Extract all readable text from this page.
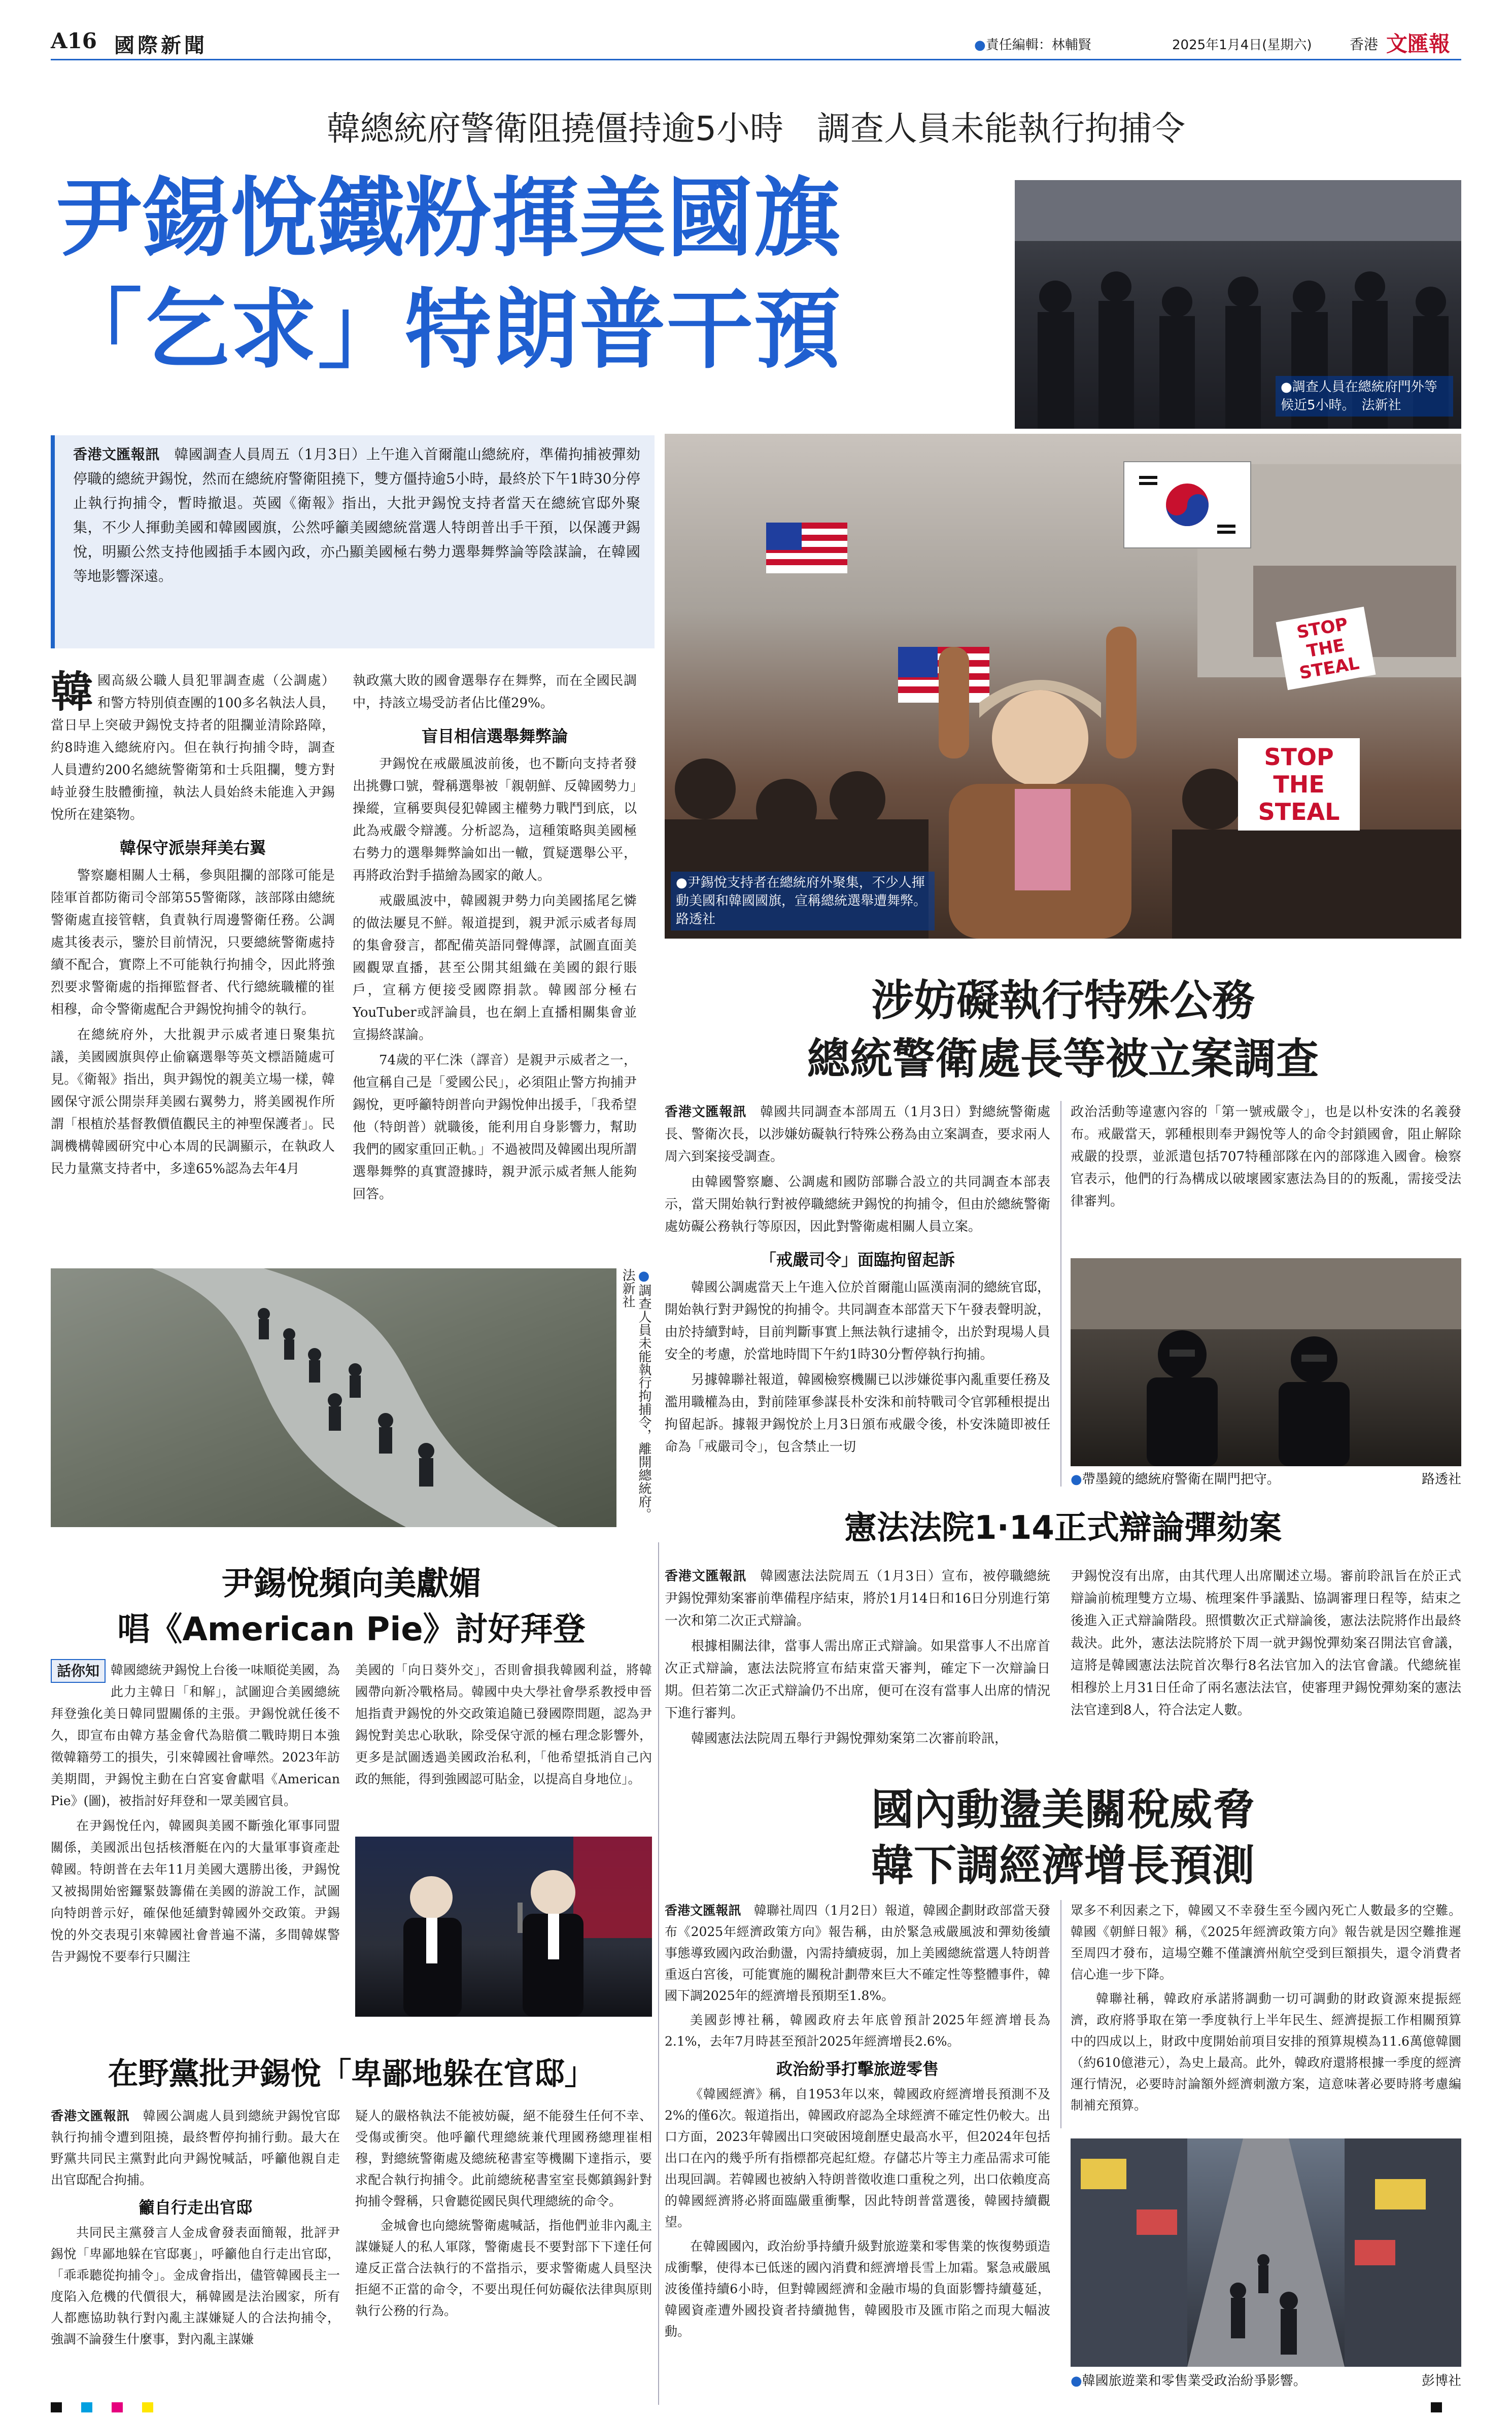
A16 國際新聞	●責任編輯：林輔賢	2025年1月4日(星期六)	香港 文匯報
韓總統府警衛阻撓僵持逾5小時　調查人員未能執行拘捕令
尹錫悅鐵粉揮美國旗
「乞求」特朗普干預
●調查人員在總統府門外等候近5小時。　法新社
STOP THE STEAL
STOP THE STEAL
●尹錫悅支持者在總統府外聚集，不少人揮動美國和韓國國旗，宣稱總統選舉遭舞弊。　路透社

香港文匯報訊　 韓國調查人員周五（1月3日）上午進入首爾龍山總統府，準備拘捕被彈劾停職的總統尹錫悅，然而在總統府警衛阻撓下，雙方僵持逾5小時，最終於下午1時30分停止執行拘捕令，暫時撤退。英國《衛報》指出，大批尹錫悅支持者當天在總統官邸外聚集，不少人揮動美國和韓國國旗，公然呼籲美國總統當選人特朗普出手干預，以保護尹錫悅，明顯公然支持他國插手本國內政，亦凸顯美國極右勢力選舉舞弊論等陰謀論，在韓國等地影響深遠。

韓國高級公職人員犯罪調查處（公調處）和警方特別偵查團的100多名執法人員，當日早上突破尹錫悅支持者的阻攔並清除路障，約8時進入總統府內。但在執行拘捕令時，調查人員遭約200名總統警衛第和士兵阻攔，雙方對峙並發生肢體衝撞，執法人員始終未能進入尹錫悅所在建築物。

韓保守派崇拜美右翼

警察廳相關人士稱，參與阻攔的部隊可能是陸軍首都防衛司令部第55警衛隊，該部隊由總統警衛處直接管轄，負責執行周邊警衛任務。公調處其後表示，鑒於目前情況，只要總統警衛處持續不配合，實際上不可能執行拘捕令，因此將強烈要求警衛處的指揮監督者、代行總統職權的崔相穆，命令警衛處配合尹錫悅拘捕令的執行。

在總統府外，大批親尹示威者連日聚集抗議，美國國旗與停止偷竊選舉等英文標語隨處可見。《衛報》指出，與尹錫悅的親美立場一樣，韓國保守派公開崇拜美國右翼勢力，將美國視作所謂「根植於基督教價值觀民主的神聖保護者」。民調機構韓國研究中心本周的民調顯示，在執政人民力量黨支持者中，多達65%認為去年4月

執政黨大敗的國會選舉存在舞弊，而在全國民調中，持該立場受訪者佔比僅29%。

盲目相信選舉舞弊論

尹錫悅在戒嚴風波前後，也不斷向支持者發出挑釁口號，聲稱選舉被「親朝鮮、反韓國勢力」操縱，宣稱要與侵犯韓國主權勢力戰鬥到底，以此為戒嚴令辯護。分析認為，這種策略與美國極右勢力的選舉舞弊論如出一轍，質疑選舉公平，再將政治對手描繪為國家的敵人。

戒嚴風波中，韓國親尹勢力向美國搖尾乞憐的做法屢見不鮮。報道提到，親尹派示威者每周的集會發言，都配備英語同聲傳譯，試圖直面美國觀眾直播，甚至公開其組織在美國的銀行賬戶，宣稱方便接受國際捐款。韓國部分極右YouTuber或評論員，也在網上直播相關集會並宣揚終謀論。

74歲的平仁洙（譯音）是親尹示威者之一，他宣稱自己是「愛國公民」，必須阻止警方拘捕尹錫悅，更呼籲特朗普向尹錫悅伸出援手，「我希望他（特朗普）就職後，能利用自身影響力，幫助我們的國家重回正軌。」不過被問及韓國出現所謂選舉舞弊的真實證據時，親尹派示威者無人能夠回答。

●調查人員未能執行拘捕令，離開總統府。　法新社
涉妨礙執行特殊公務
總統警衛處長等被立案調查

香港文匯報訊　 韓國共同調查本部周五（1月3日）對總統警衛處長、警衛次長，以涉嫌妨礙執行特殊公務為由立案調查，要求兩人周六到案接受調查。

由韓國警察廳、公調處和國防部聯合設立的共同調查本部表示，當天開始執行對被停職總統尹錫悅的拘捕令，但由於總統警衛處妨礙公務執行等原因，因此對警衛處相關人員立案。

「戒嚴司令」面臨拘留起訴

韓國公調處當天上午進入位於首爾龍山區漢南洞的總統官邸，開始執行對尹錫悅的拘捕令。共同調查本部當天下午發表聲明說，由於持續對峙，目前判斷事實上無法執行逮捕令，出於對現場人員安全的考慮，於當地時間下午約1時30分暫停執行拘捕。

另據韓聯社報道，韓國檢察機關已以涉嫌從事內亂重要任務及濫用職權為由，對前陸軍參謀長朴安洙和前特戰司令官郭種根提出拘留起訴。據報尹錫悅於上月3日頒布戒嚴令後，朴安洙隨即被任命為「戒嚴司令」，包含禁止一切

政治活動等違憲內容的「第一號戒嚴令」，也是以朴安洙的名義發布。戒嚴當天，郭種根則奉尹錫悅等人的命令封鎖國會，阻止解除戒嚴的投票，並派遣包括707特種部隊在內的部隊進入國會。檢察官表示，他們的行為構成以破壞國家憲法為目的的叛亂，需接受法律審判。

●帶墨鏡的總統府警衛在閘門把守。	路透社
憲法法院1·14正式辯論彈劾案

香港文匯報訊　 韓國憲法法院周五（1月3日）宣布，被停職總統尹錫悅彈劾案審前準備程序結束，將於1月14日和16日分別進行第一次和第二次正式辯論。

根據相關法律，當事人需出席正式辯論。如果當事人不出席首次正式辯論，憲法法院將宣布結束當天審判，確定下一次辯論日期。但若第二次正式辯論仍不出席，便可在沒有當事人出席的情況下進行審判。

韓國憲法法院周五舉行尹錫悅彈劾案第二次審前聆訊，

尹錫悅沒有出席，由其代理人出席闡述立場。審前聆訊旨在於正式辯論前梳理雙方立場、梳理案件爭議點、協調審理日程等，結束之後進入正式辯論階段。照慣數次正式辯論後，憲法法院將作出最終裁決。此外，憲法法院將於下周一就尹錫悅彈劾案召開法官會議，這將是韓國憲法法院首次舉行8名法官加入的法官會議。代總統崔相穆於上月31日任命了兩名憲法法官，使審理尹錫悅彈劾案的憲法法官達到8人，符合法定人數。

尹錫悅頻向美獻媚
唱《American Pie》討好拜登

話你知 韓國總統尹錫悅上台後一味順從美國，為此力主韓日「和解」，試圖迎合美國總統拜登強化美日韓同盟關係的主張。尹錫悅就任後不久，即宣布由韓方基金會代為賠償二戰時期日本強徵韓籍勞工的損失，引來韓國社會嘩然。2023年訪美期間，尹錫悅主動在白宮宴會獻唱《American Pie》(圖)，被指討好拜登和一眾美國官員。

在尹錫悅任內，韓國與美國不斷強化軍事同盟關係，美國派出包括核潛艇在內的大量軍事資產赴韓國。特朗普在去年11月美國大選勝出後，尹錫悅又被揭開始密鑼緊鼓籌備在美國的游說工作，試圖向特朗普示好，確保他延續對韓國外交政策。尹錫悅的外交表現引來韓國社會普遍不滿，多間韓媒警告尹錫悅不要奉行只關注

美國的「向日葵外交」，否則會損我韓國利益，將韓國帶向新冷戰格局。韓國中央大學社會學系教授申晉旭指責尹錫悅的外交政策追隨已發國際問題，認為尹錫悅對美忠心耿耿，除受保守派的極右理念影響外，更多是試圖透過美國政治私利，「他希望抵消自己內政的無能，得到強國認可貼金，以提高自身地位」。

在野黨批尹錫悅「卑鄙地躲在官邸」

香港文匯報訊　 韓國公調處人員到總統尹錫悅官邸執行拘捕令遭到阻撓，最終暫停拘捕行動。最大在野黨共同民主黨對此向尹錫悅喊話，呼籲他親自走出官邸配合拘捕。

籲自行走出官邸

共同民主黨發言人金成會發表面簡報，批評尹錫悅「卑鄙地躲在官邸裏」，呼籲他自行走出官邸，「乖乖聽從拘捕令」。金成會指出，儘管韓國長主一度陷入危機的代價很大，稱韓國是法治國家，所有人都應協助執行對內亂主謀嫌疑人的合法拘捕令，強調不論發生什麼事，對內亂主謀嫌

疑人的嚴格執法不能被妨礙，絕不能發生任何不幸、受傷或衝突。他呼籲代理總統兼代理國務總理崔相穆，對總統警衛處及總統秘書室等機關下達指示，要求配合執行拘捕令。此前總統秘書室室長鄭鎮錫針對拘捕令聲稱，只會聽從國民與代理總統的命令。

金城會也向總統警衛處喊話，指他們並非內亂主謀嫌疑人的私人軍隊，警衛處長不要對部下下達任何違反正當合法執行的不當指示，要求警衛處人員堅決拒絕不正當的命令，不要出現任何妨礙依法律與原則執行公務的行為。

國內動盪美關稅威脅
韓下調經濟增長預測

香港文匯報訊　 韓聯社周四（1月2日）報道，韓國企劃財政部當天發布《2025年經濟政策方向》報告稱，由於緊急戒嚴風波和彈劾後續事態導致國內政治動盪，內需持續疲弱，加上美國總統當選人特朗普重返白宮後，可能實施的關稅計劃帶來巨大不確定性等整體事件，韓國下調2025年的經濟增長預期至1.8%。

美國彭博社稱，韓國政府去年底曾預計2025年經濟增長為2.1%，去年7月時甚至預計2025年經濟增長2.6%。

政治紛爭打擊旅遊零售

《韓國經濟》稱，自1953年以來，韓國政府經濟增長預測不及2%的僅6次。報道指出，韓國政府認為全球經濟不確定性仍較大。出口方面，2023年韓國出口突破困境創歷史最高水平，但2024年包括出口在內的幾乎所有指標都亮起紅燈。存儲芯片等主力產品需求可能出現回調。若韓國也被納入特朗普徵收進口重稅之列，出口依賴度高的韓國經濟將必將面臨嚴重衝擊，因此特朗普當選後，韓國持續觀望。

在韓國國內，政治紛爭持續升級對旅遊業和零售業的恢復勢頭造成衝擊，使得本已低迷的國內消費和經濟增長雪上加霜。緊急戒嚴風波後僅持續6小時，但對韓國經濟和金融市場的負面影響持續蔓延，韓國資產遭外國投資者持續拋售，韓國股市及匯市陷之而現大幅波動。

眾多不利因素之下，韓國又不幸發生至今國內死亡人數最多的空難。韓國《朝鮮日報》稱，《2025年經濟政策方向》報告就是因空難推遲至周四才發布，這場空難不僅讓濟州航空受到巨額損失，還令消費者信心進一步下降。

韓聯社稱，韓政府承諾將調動一切可調動的財政資源來提振經濟，政府將爭取在第一季度執行上半年民生、經濟提振工作相關預算中的四成以上，財政中度開始前項目安排的預算規模為11.6萬億韓圜（約610億港元），為史上最高。此外，韓政府還將根據一季度的經濟運行情況，必要時討論額外經濟刺激方案，這意味著必要時將考慮編制補充預算。

●韓國旅遊業和零售業受政治紛爭影響。	彭博社
